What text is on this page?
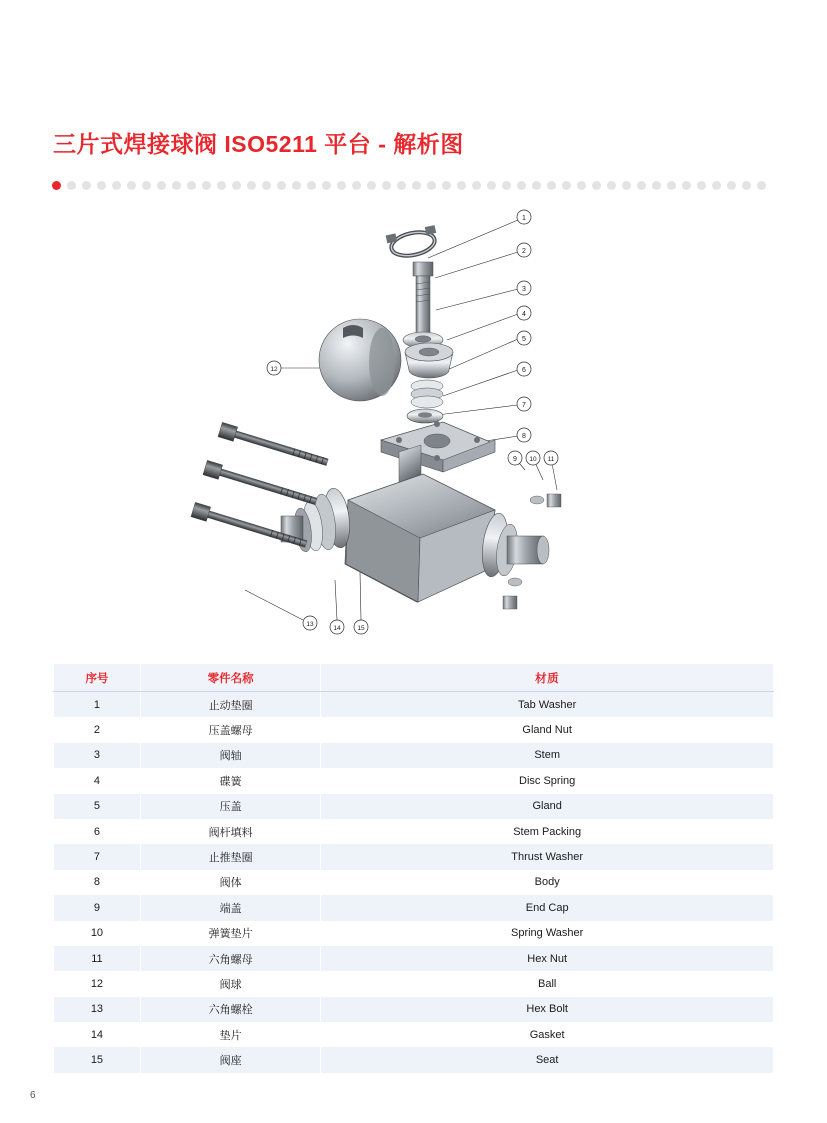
三片式焊接球阀 ISO5211 平台 - 解析图
1
2
3
4
5
6
7
8
9 10 11
12
13
14	15
序号	零件名称	材质
1	止动垫圈	Tab Washer
2	压盖螺母	Gland Nut
3	阀轴	Stem
4	碟簧	Disc Spring
5	压盖	Gland
6	阀杆填料	Stem Packing
7	止推垫圈	Thrust Washer
8	阀体	Body
9	端盖	End Cap
10	弹簧垫片	Spring Washer
11	六角螺母	Hex Nut
12	阀球	Ball
13	六角螺栓	Hex Bolt
14	垫片	Gasket
15	阀座	Seat
6
